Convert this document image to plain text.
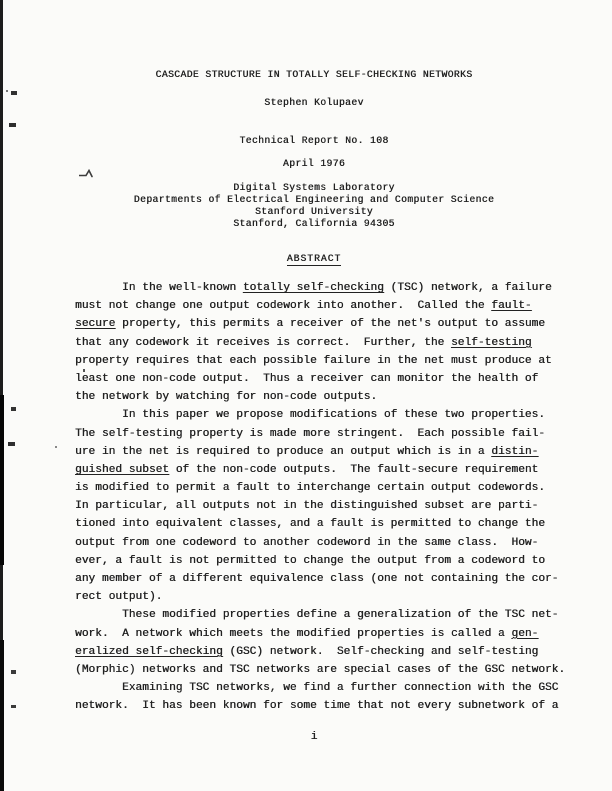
CASCADE STRUCTURE IN TOTALLY SELF-CHECKING NETWORKS
Stephen Kolupaev
Technical Report No. 108
April 1976
Digital Systems Laboratory
Departments of Electrical Engineering and Computer Science
Stanford University
Stanford, California 94305
ABSTRACT
In the well-known totally self-checking (TSC) network, a failure
must not change one output codework into another.  Called the fault-
secure property, this permits a receiver of the net's output to assume
that any codework it receives is correct.  Further, the self-testing
property requires that each possible failure in the net must produce at
least one non-code output.  Thus a receiver can monitor the health of
the network by watching for non-code outputs.
In this paper we propose modifications of these two properties.
The self-testing property is made more stringent.  Each possible fail-
ure in the net is required to produce an output which is in a distin-
guished subset of the non-code outputs.  The fault-secure requirement
is modified to permit a fault to interchange certain output codewords.
In particular, all outputs not in the distinguished subset are parti-
tioned into equivalent classes, and a fault is permitted to change the
output from one codeword to another codeword in the same class.  How-
ever, a fault is not permitted to change the output from a codeword to
any member of a different equivalence class (one not containing the cor-
rect output).
These modified properties define a generalization of the TSC net-
work.  A network which meets the modified properties is called a gen-
eralized self-checking (GSC) network.  Self-checking and self-testing
(Morphic) networks and TSC networks are special cases of the GSC network.
Examining TSC networks, we find a further connection with the GSC
network.  It has been known for some time that not every subnetwork of a
i
